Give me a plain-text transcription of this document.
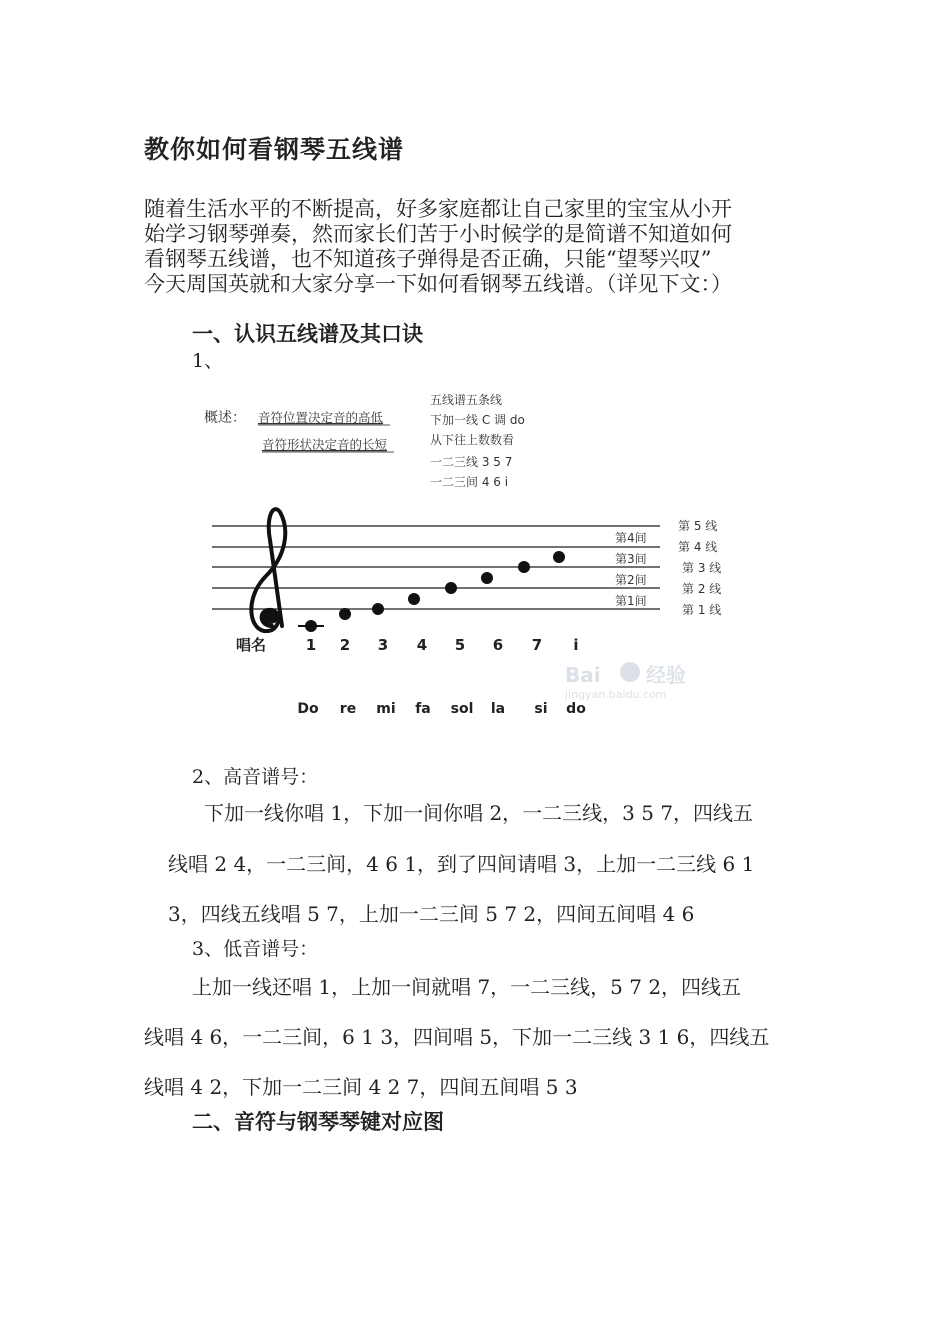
教你如何看钢琴五线谱
随着生活水平的不断提高，好多家庭都让自己家里的宝宝从小开
始学习钢琴弹奏，然而家长们苦于小时候学的是简谱不知道如何
看钢琴五线谱，也不知道孩子弹得是否正确，只能“望琴兴叹”
今天周国英就和大家分享一下如何看钢琴五线谱。（详见下文：）
一、认识五线谱及其口诀
1、
概述： 音符位置决定音的高低
音符形状决定音的长短
五线谱五条线
下加一线 C 调 do
从下往上数数看
一二三线 3 5 7
一二三间 4 6 i
第4间
第3间
第2间
第1间
第 5 线
第 4 线
第 3 线
第 2 线
第 1 线
唱名	1 2 3 4 5 6 7 i
Bai 经验
jingyan.baidu.com
Do re mi fa sol la si do
2、高音谱号：
下加一线你唱 1，下加一间你唱 2，一二三线，3 5 7，四线五
线唱 2 4，一二三间，4 6 1，到了四间请唱 3，上加一二三线 6 1
3，四线五线唱 5 7，上加一二三间 5 7 2，四间五间唱 4 6
3、低音谱号：
上加一线还唱 1，上加一间就唱 7，一二三线，5 7 2，四线五
线唱 4 6，一二三间，6 1 3，四间唱 5，下加一二三线 3 1 6，四线五
线唱 4 2，下加一二三间 4 2 7，四间五间唱 5 3
二、音符与钢琴琴键对应图
